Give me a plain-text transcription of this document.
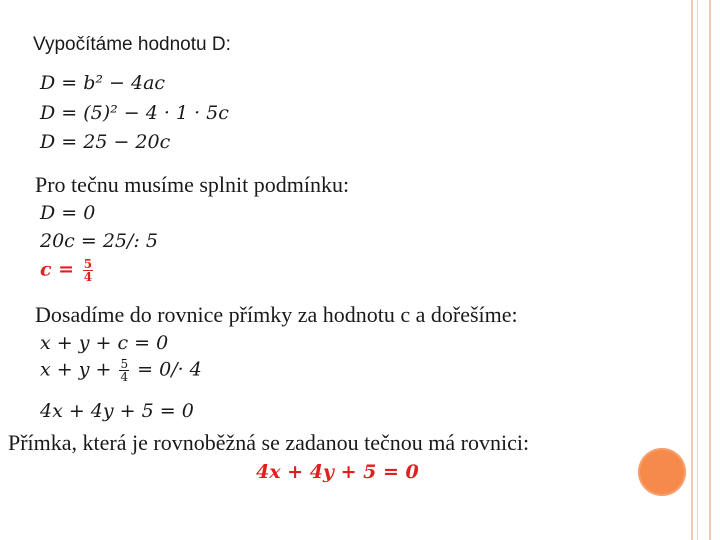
Vypočítáme hodnotu D:
D = b² − 4ac
D = (5)² − 4 · 1 · 5c
D = 25 − 20c
Pro tečnu musíme splnit podmínku:
D = 0
20c = 25/: 5
$c = \frac{5}{4}$
Dosadíme do rovnice přímky za hodnotu c a dořešíme:
x + y + c = 0
$x + y + \frac{5}{4} = 0/\cdot 4$
4x + 4y + 5 = 0
Přímka, která je rovnoběžná se zadanou tečnou má rovnici:
4x + 4y + 5 = 0
